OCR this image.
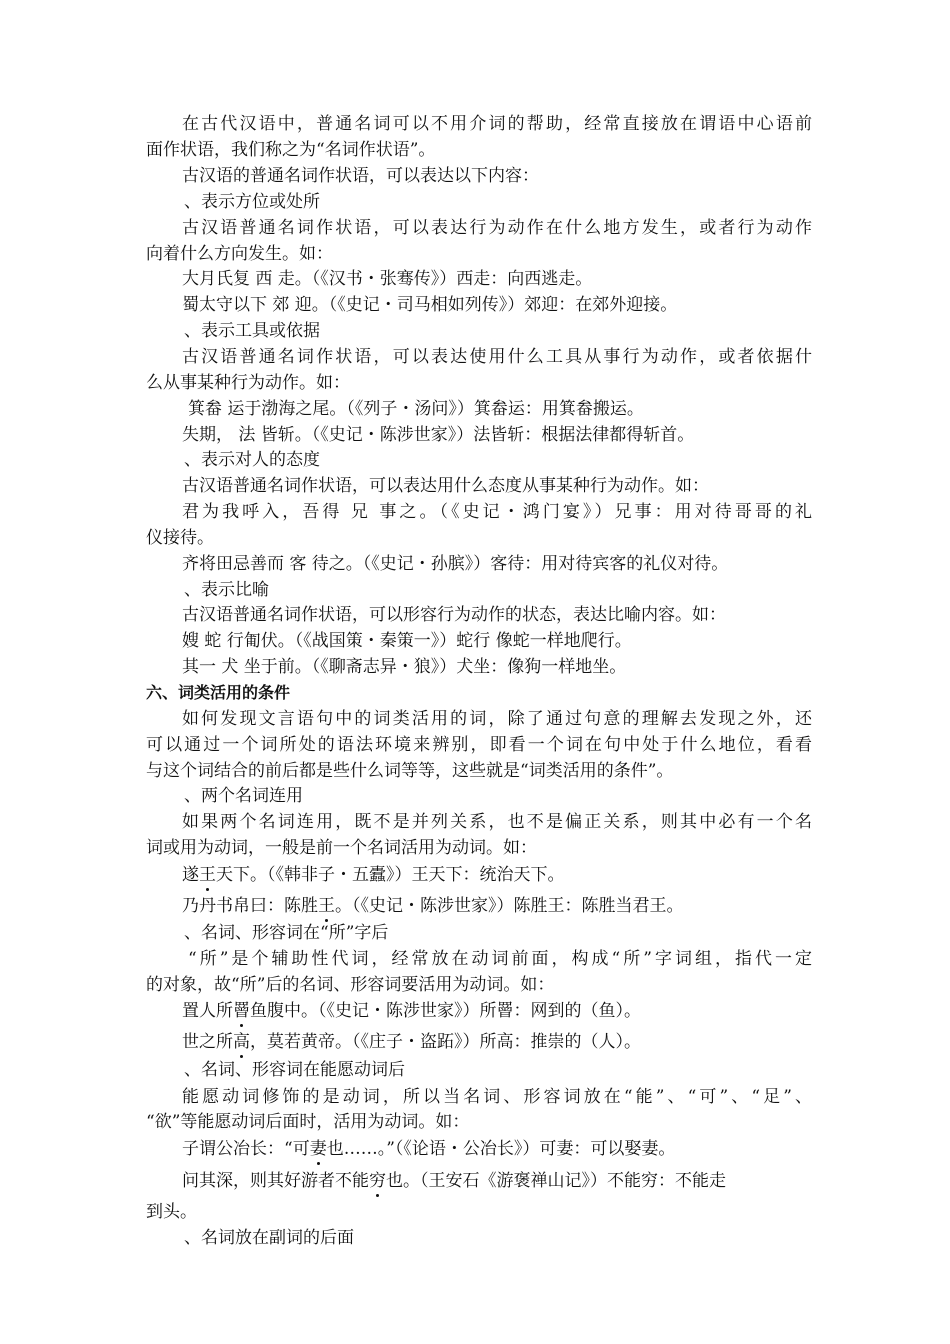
在古代汉语中，普通名词可以不用介词的帮助，经常直接放在谓语中心语前
面作状语，我们称之为“名词作状语”。
古汉语的普通名词作状语，可以表达以下内容：
、表示方位或处所
古汉语普通名词作状语，可以表达行为动作在什么地方发生，或者行为动作
向着什么方向发生。如：
大月氏复 西 走。（《汉书・张骞传》）西走：向西逃走。
蜀太守以下 郊 迎。（《史记・司马相如列传》）郊迎：在郊外迎接。
、表示工具或依据
古汉语普通名词作状语，可以表达使用什么工具从事行为动作，或者依据什
么从事某种行为动作。如：
箕畚 运于渤海之尾。（《列子・汤问》）箕畚运：用箕畚搬运。
失期， 法 皆斩。（《史记・陈涉世家》）法皆斩：根据法律都得斩首。
、表示对人的态度
古汉语普通名词作状语，可以表达用什么态度从事某种行为动作。如：
君为我呼入，吾得 兄 事之。（《史记・鸿门宴》）兄事：用对待哥哥的礼
仪接待。
齐将田忌善而 客 待之。（《史记・孙膑》）客待：用对待宾客的礼仪对待。
、表示比喻
古汉语普通名词作状语，可以形容行为动作的状态，表达比喻内容。如：
嫂 蛇 行匍伏。（《战国策・秦策一》）蛇行 像蛇一样地爬行。
其一 犬 坐于前。（《聊斋志异・狼》）犬坐：像狗一样地坐。
六、词类活用的条件
如何发现文言语句中的词类活用的词，除了通过句意的理解去发现之外，还
可以通过一个词所处的语法环境来辨别，即看一个词在句中处于什么地位，看看
与这个词结合的前后都是些什么词等等，这些就是“词类活用的条件”。
、两个名词连用
如果两个名词连用，既不是并列关系，也不是偏正关系，则其中必有一个名
词或用为动词，一般是前一个名词活用为动词。如：
遂王天下。（《韩非子・五蠹》）王天下：统治天下。
乃丹书帛曰：陈胜王。（《史记・陈涉世家》）陈胜王：陈胜当君王。
、名词、形容词在“所”字后
“所”是个辅助性代词，经常放在动词前面，构成“所”字词组，指代一定
的对象，故“所”后的名词、形容词要活用为动词。如：
置人所罾鱼腹中。（《史记・陈涉世家》）所罾：网到的（鱼）。
世之所高，莫若黄帝。（《庄子・盗跖》）所高：推崇的（人）。
、名词、形容词在能愿动词后
能愿动词修饰的是动词，所以当名词、形容词放在“能”、“可”、“足”、
“欲”等能愿动词后面时，活用为动词。如：
子谓公冶长：“可妻也……。”（《论语・公冶长》）可妻：可以娶妻。
问其深，则其好游者不能穷也。（王安石《游褒禅山记》）不能穷：不能走
到头。
、名词放在副词的后面
